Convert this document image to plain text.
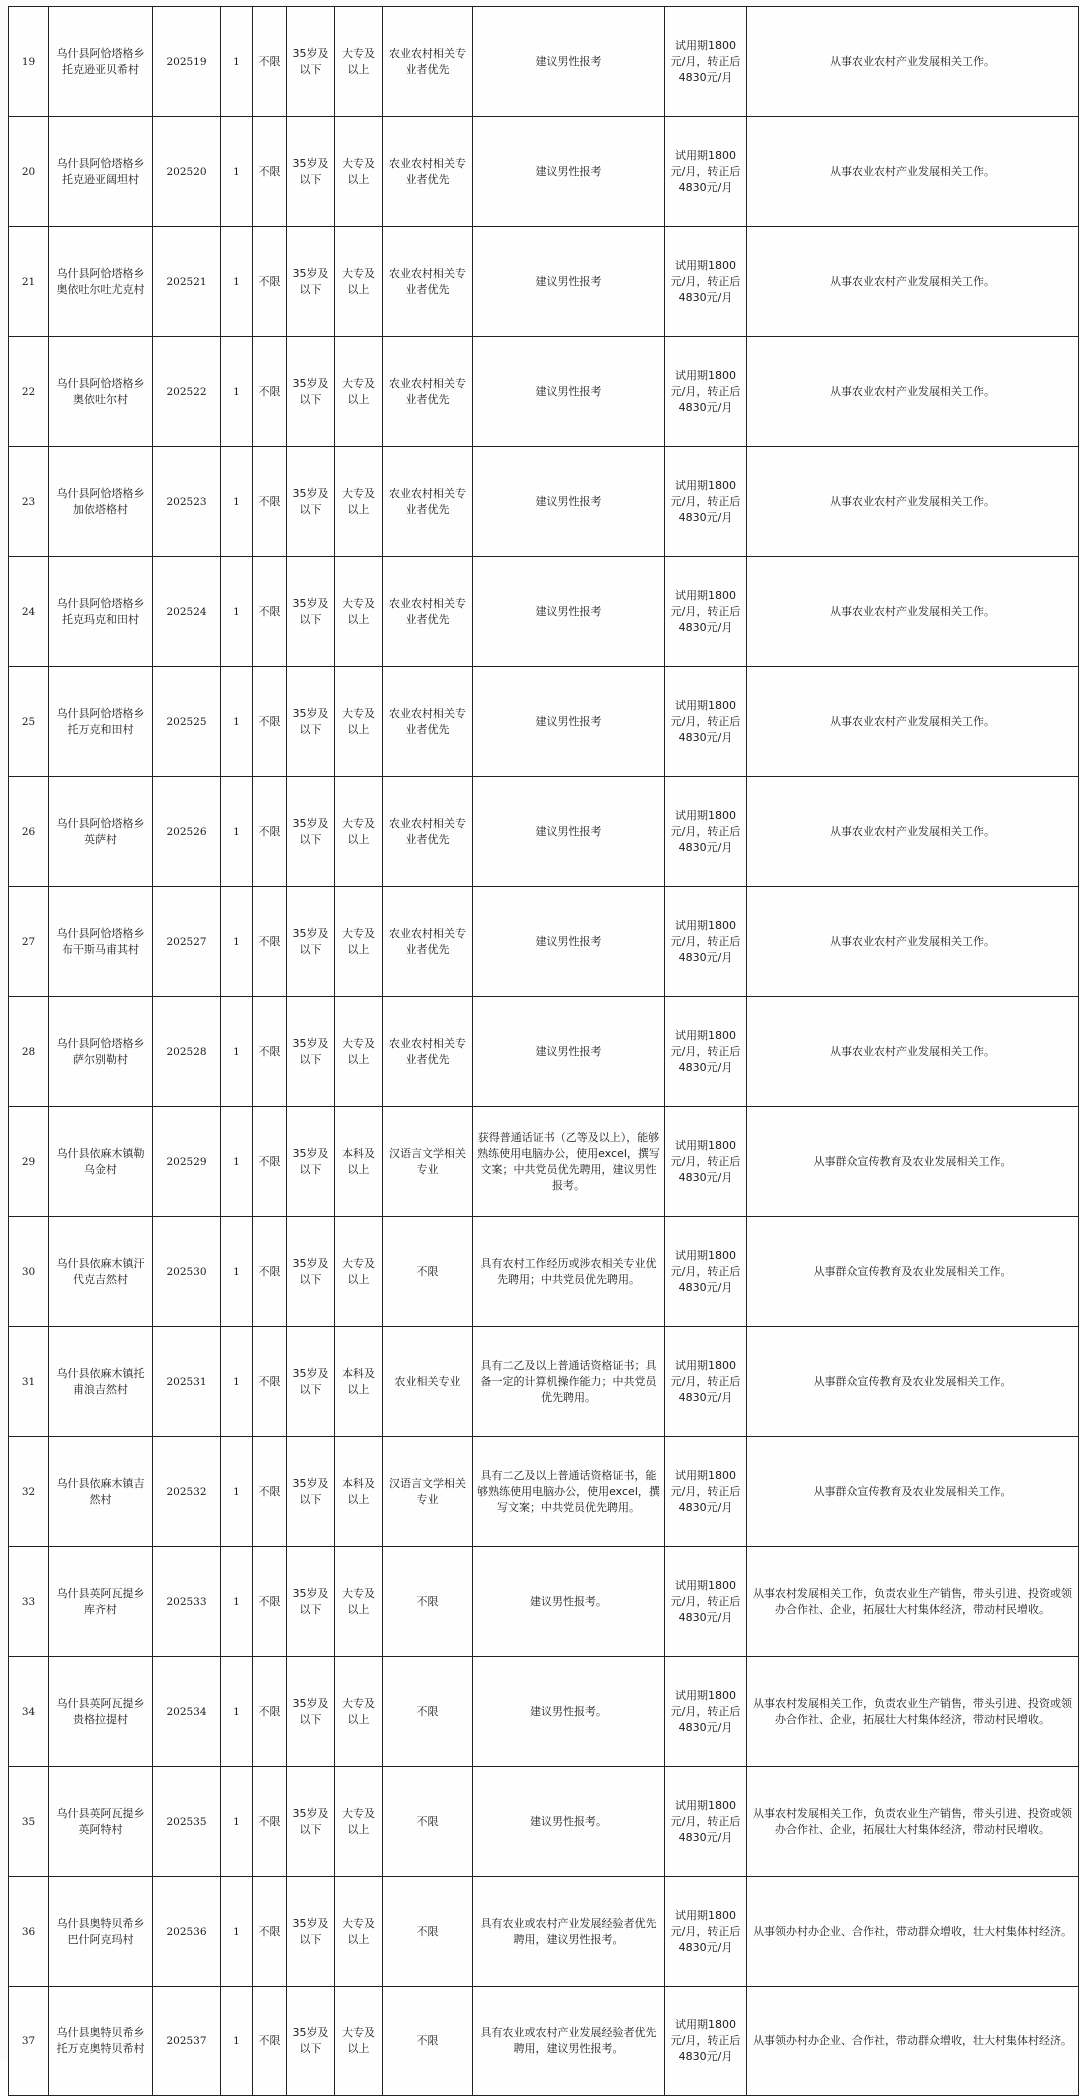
19	乌什县阿恰塔格乡托克逊亚贝希村	202519	1	不限	35岁及以下	大专及以上	农业农村相关专业者优先	建议男性报考	试用期1800元/月，转正后4830元/月	从事农业农村产业发展相关工作。
20	乌什县阿恰塔格乡托克逊亚阔坦村	202520	1	不限	35岁及以下	大专及以上	农业农村相关专业者优先	建议男性报考	试用期1800元/月，转正后4830元/月	从事农业农村产业发展相关工作。
21	乌什县阿恰塔格乡奥依吐尔吐尤克村	202521	1	不限	35岁及以下	大专及以上	农业农村相关专业者优先	建议男性报考	试用期1800元/月，转正后4830元/月	从事农业农村产业发展相关工作。
22	乌什县阿恰塔格乡奥依吐尔村	202522	1	不限	35岁及以下	大专及以上	农业农村相关专业者优先	建议男性报考	试用期1800元/月，转正后4830元/月	从事农业农村产业发展相关工作。
23	乌什县阿恰塔格乡加依塔格村	202523	1	不限	35岁及以下	大专及以上	农业农村相关专业者优先	建议男性报考	试用期1800元/月，转正后4830元/月	从事农业农村产业发展相关工作。
24	乌什县阿恰塔格乡托克玛克和田村	202524	1	不限	35岁及以下	大专及以上	农业农村相关专业者优先	建议男性报考	试用期1800元/月，转正后4830元/月	从事农业农村产业发展相关工作。
25	乌什县阿恰塔格乡托万克和田村	202525	1	不限	35岁及以下	大专及以上	农业农村相关专业者优先	建议男性报考	试用期1800元/月，转正后4830元/月	从事农业农村产业发展相关工作。
26	乌什县阿恰塔格乡英萨村	202526	1	不限	35岁及以下	大专及以上	农业农村相关专业者优先	建议男性报考	试用期1800元/月，转正后4830元/月	从事农业农村产业发展相关工作。
27	乌什县阿恰塔格乡布干斯马甫其村	202527	1	不限	35岁及以下	大专及以上	农业农村相关专业者优先	建议男性报考	试用期1800元/月，转正后4830元/月	从事农业农村产业发展相关工作。
28	乌什县阿恰塔格乡萨尔别勒村	202528	1	不限	35岁及以下	大专及以上	农业农村相关专业者优先	建议男性报考	试用期1800元/月，转正后4830元/月	从事农业农村产业发展相关工作。
29	乌什县依麻木镇勒乌金村	202529	1	不限	35岁及以下	本科及以上	汉语言文学相关专业	获得普通话证书（乙等及以上），能够熟练使用电脑办公，使用excel，撰写文案；中共党员优先聘用，建议男性报考。	试用期1800元/月，转正后4830元/月	从事群众宣传教育及农业发展相关工作。
30	乌什县依麻木镇汗代克吉然村	202530	1	不限	35岁及以下	大专及以上	不限	具有农村工作经历或涉农相关专业优先聘用；中共党员优先聘用。	试用期1800元/月，转正后4830元/月	从事群众宣传教育及农业发展相关工作。
31	乌什县依麻木镇托甫浪吉然村	202531	1	不限	35岁及以下	本科及以上	农业相关专业	具有二乙及以上普通话资格证书；具备一定的计算机操作能力；中共党员优先聘用。	试用期1800元/月，转正后4830元/月	从事群众宣传教育及农业发展相关工作。
32	乌什县依麻木镇吉然村	202532	1	不限	35岁及以下	本科及以上	汉语言文学相关专业	具有二乙及以上普通话资格证书，能够熟练使用电脑办公，使用excel，撰写文案；中共党员优先聘用。	试用期1800元/月，转正后4830元/月	从事群众宣传教育及农业发展相关工作。
33	乌什县英阿瓦提乡库齐村	202533	1	不限	35岁及以下	大专及以上	不限	建议男性报考。	试用期1800元/月，转正后4830元/月	从事农村发展相关工作，负责农业生产销售，带头引进、投资或领办合作社、企业，拓展壮大村集体经济，带动村民增收。
34	乌什县英阿瓦提乡贵格拉提村	202534	1	不限	35岁及以下	大专及以上	不限	建议男性报考。	试用期1800元/月，转正后4830元/月	从事农村发展相关工作，负责农业生产销售，带头引进、投资或领办合作社、企业，拓展壮大村集体经济，带动村民增收。
35	乌什县英阿瓦提乡英阿特村	202535	1	不限	35岁及以下	大专及以上	不限	建议男性报考。	试用期1800元/月，转正后4830元/月	从事农村发展相关工作，负责农业生产销售，带头引进、投资或领办合作社、企业，拓展壮大村集体经济，带动村民增收。
36	乌什县奥特贝希乡巴什阿克玛村	202536	1	不限	35岁及以下	大专及以上	不限	具有农业或农村产业发展经验者优先聘用，建议男性报考。	试用期1800元/月，转正后4830元/月	从事领办村办企业、合作社，带动群众增收，壮大村集体村经济。
37	乌什县奥特贝希乡托万克奥特贝希村	202537	1	不限	35岁及以下	大专及以上	不限	具有农业或农村产业发展经验者优先聘用，建议男性报考。	试用期1800元/月，转正后4830元/月	从事领办村办企业、合作社，带动群众增收，壮大村集体村经济。
